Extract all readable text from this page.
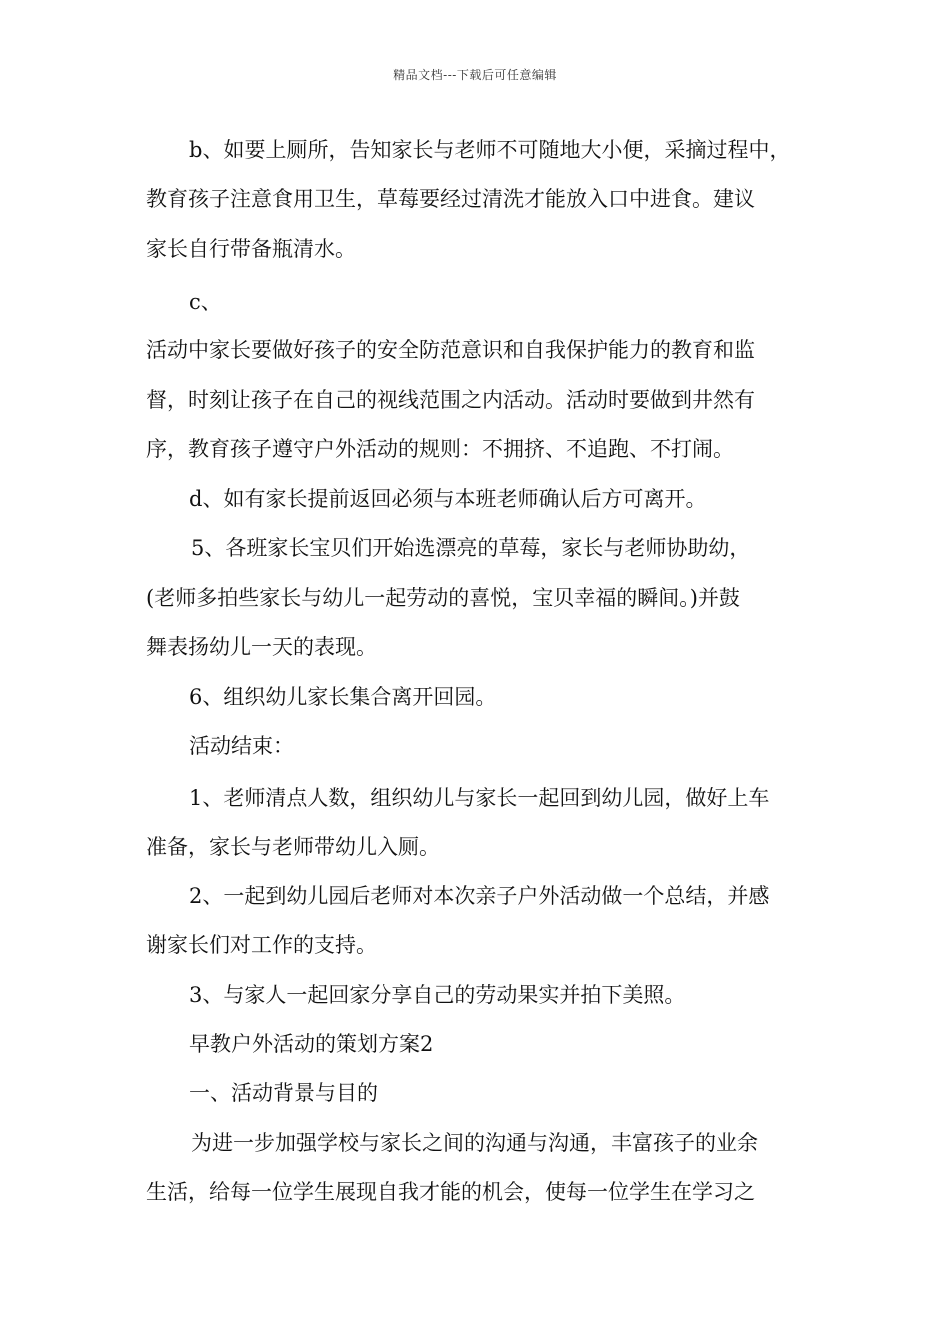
精品文档---下载后可任意编辑
b、如要上厕所，告知家长与老师不可随地大小便，采摘过程中，
教育孩子注意食用卫生，草莓要经过清洗才能放入口中进食。建议
家长自行带备瓶清水。
c、
活动中家长要做好孩子的安全防范意识和自我保护能力的教育和监
督，时刻让孩子在自己的视线范围之内活动。活动时要做到井然有
序，教育孩子遵守户外活动的规则：不拥挤、不追跑、不打闹。
d、如有家长提前返回必须与本班老师确认后方可离开。
5、各班家长宝贝们开始选漂亮的草莓，家长与老师协助幼，
(老师多拍些家长与幼儿一起劳动的喜悦，宝贝幸福的瞬间。)并鼓
舞表扬幼儿一天的表现。
6、组织幼儿家长集合离开回园。
活动结束：
1、老师清点人数，组织幼儿与家长一起回到幼儿园，做好上车
准备，家长与老师带幼儿入厕。
2、一起到幼儿园后老师对本次亲子户外活动做一个总结，并感
谢家长们对工作的支持。
3、与家人一起回家分享自己的劳动果实并拍下美照。
早教户外活动的策划方案2
一、活动背景与目的
为进一步加强学校与家长之间的沟通与沟通，丰富孩子的业余
生活，给每一位学生展现自我才能的机会，使每一位学生在学习之
